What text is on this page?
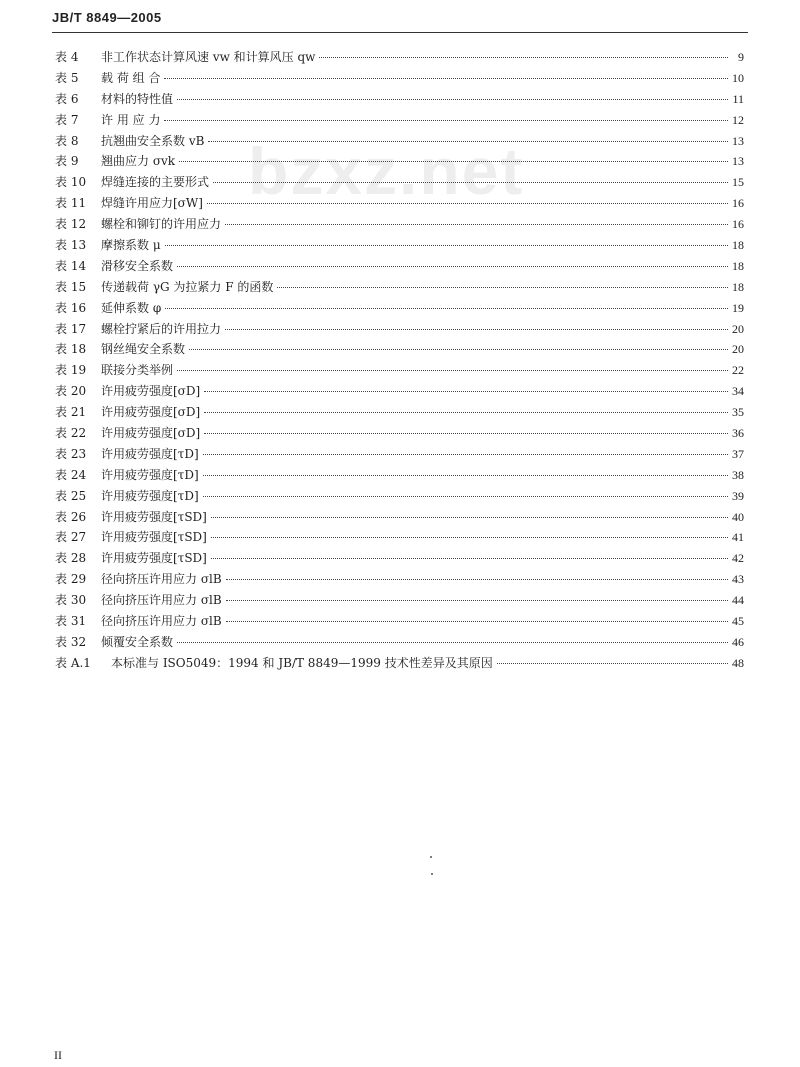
JB/T 8849—2005
bzxz.net
表 4	非工作状态计算风速 vw 和计算风压 qw	9
表 5	载 荷 组 合	10
表 6	材料的特性值	11
表 7	许 用 应 力	12
表 8	抗翘曲安全系数 vB	13
表 9	翘曲应力 σvk	13
表 10	焊缝连接的主要形式	15
表 11	焊缝许用应力[σW]	16
表 12	螺栓和铆钉的许用应力	16
表 13	摩擦系数 μ	18
表 14	滑移安全系数	18
表 15	传递载荷 γG 为拉紧力 F 的函数	18
表 16	延伸系数 φ	19
表 17	螺栓拧紧后的许用拉力	20
表 18	钢丝绳安全系数	20
表 19	联接分类举例	22
表 20	许用疲劳强度[σD]	34
表 21	许用疲劳强度[σD]	35
表 22	许用疲劳强度[σD]	36
表 23	许用疲劳强度[τD]	37
表 24	许用疲劳强度[τD]	38
表 25	许用疲劳强度[τD]	39
表 26	许用疲劳强度[τSD]	40
表 27	许用疲劳强度[τSD]	41
表 28	许用疲劳强度[τSD]	42
表 29	径向挤压许用应力 σlB	43
表 30	径向挤压许用应力 σlB	44
表 31	径向挤压许用应力 σlB	45
表 32	倾覆安全系数	46
表 A.1	本标准与 ISO5049：1994 和 JB/T 8849—1999 技术性差异及其原因	48
II
